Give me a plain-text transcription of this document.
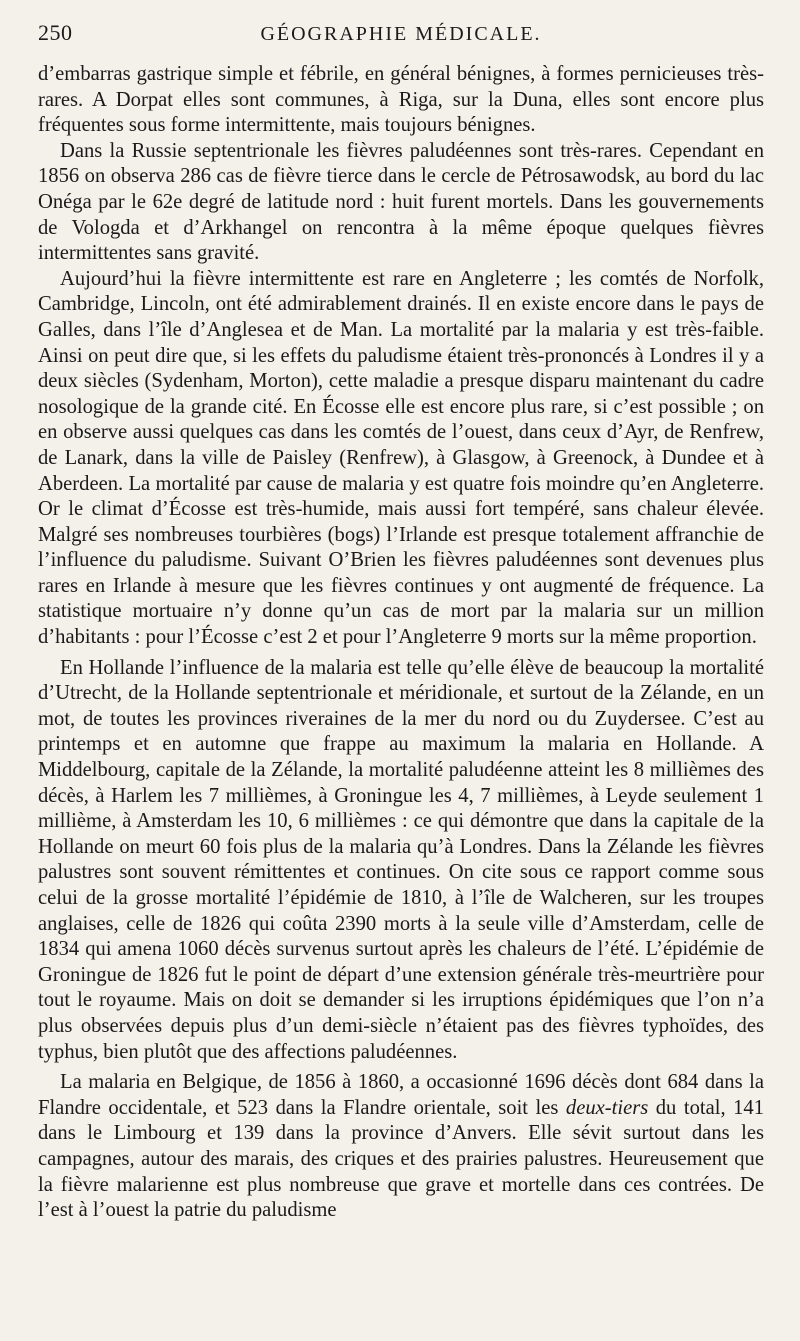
250	GÉOGRAPHIE MÉDICALE.

d’embarras gastrique simple et fébrile, en général bénignes, à formes pernicieuses très-rares. A Dorpat elles sont communes, à Riga, sur la Duna, elles sont encore plus fréquentes sous forme intermittente, mais toujours bénignes.

Dans la Russie septentrionale les fièvres paludéennes sont très-rares. Cependant en 1856 on observa 286 cas de fièvre tierce dans le cercle de Pétrosawodsk, au bord du lac Onéga par le 62e degré de latitude nord : huit furent mortels. Dans les gouvernements de Vologda et d’Arkhangel on rencontra à la même époque quelques fièvres intermittentes sans gravité.

Aujourd’hui la fièvre intermittente est rare en Angleterre ; les comtés de Norfolk, Cambridge, Lincoln, ont été admirablement drainés. Il en existe encore dans le pays de Galles, dans l’île d’Anglesea et de Man. La mortalité par la malaria y est très-faible. Ainsi on peut dire que, si les effets du paludisme étaient très-prononcés à Londres il y a deux siècles (Sydenham, Morton), cette maladie a presque disparu maintenant du cadre nosologique de la grande cité. En Écosse elle est encore plus rare, si c’est possible ; on en observe aussi quelques cas dans les comtés de l’ouest, dans ceux d’Ayr, de Renfrew, de Lanark, dans la ville de Paisley (Renfrew), à Glasgow, à Greenock, à Dundee et à Aberdeen. La mortalité par cause de malaria y est quatre fois moindre qu’en Angleterre. Or le climat d’Écosse est très-humide, mais aussi fort tempéré, sans chaleur élevée. Malgré ses nombreuses tourbières (bogs) l’Irlande est presque totalement affranchie de l’influence du paludisme. Suivant O’Brien les fièvres paludéennes sont devenues plus rares en Irlande à mesure que les fièvres continues y ont augmenté de fréquence. La statistique mortuaire n’y donne qu’un cas de mort par la malaria sur un million d’habitants : pour l’Écosse c’est 2 et pour l’Angleterre 9 morts sur la même proportion.

En Hollande l’influence de la malaria est telle qu’elle élève de beaucoup la mortalité d’Utrecht, de la Hollande septentrionale et méridionale, et surtout de la Zélande, en un mot, de toutes les provinces riveraines de la mer du nord ou du Zuydersee. C’est au printemps et en automne que frappe au maximum la malaria en Hollande. A Middelbourg, capitale de la Zélande, la mortalité paludéenne atteint les 8 millièmes des décès, à Harlem les 7 millièmes, à Groningue les 4, 7 millièmes, à Leyde seulement 1 millième, à Amsterdam les 10, 6 millièmes : ce qui démontre que dans la capitale de la Hollande on meurt 60 fois plus de la malaria qu’à Londres. Dans la Zélande les fièvres palustres sont souvent rémittentes et continues. On cite sous ce rapport comme sous celui de la grosse mortalité l’épidémie de 1810, à l’île de Walcheren, sur les troupes anglaises, celle de 1826 qui coûta 2390 morts à la seule ville d’Amsterdam, celle de 1834 qui amena 1060 décès survenus surtout après les chaleurs de l’été. L’épidémie de Groningue de 1826 fut le point de départ d’une extension générale très-meurtrière pour tout le royaume. Mais on doit se demander si les irruptions épidémiques que l’on n’a plus observées depuis plus d’un demi-siècle n’étaient pas des fièvres typhoïdes, des typhus, bien plutôt que des affections paludéennes.

La malaria en Belgique, de 1856 à 1860, a occasionné 1696 décès dont 684 dans la Flandre occidentale, et 523 dans la Flandre orientale, soit les deux-tiers du total, 141 dans le Limbourg et 139 dans la province d’Anvers. Elle sévit surtout dans les campagnes, autour des marais, des criques et des prairies palustres. Heureusement que la fièvre malarienne est plus nombreuse que grave et mortelle dans ces contrées. De l’est à l’ouest la patrie du paludisme
